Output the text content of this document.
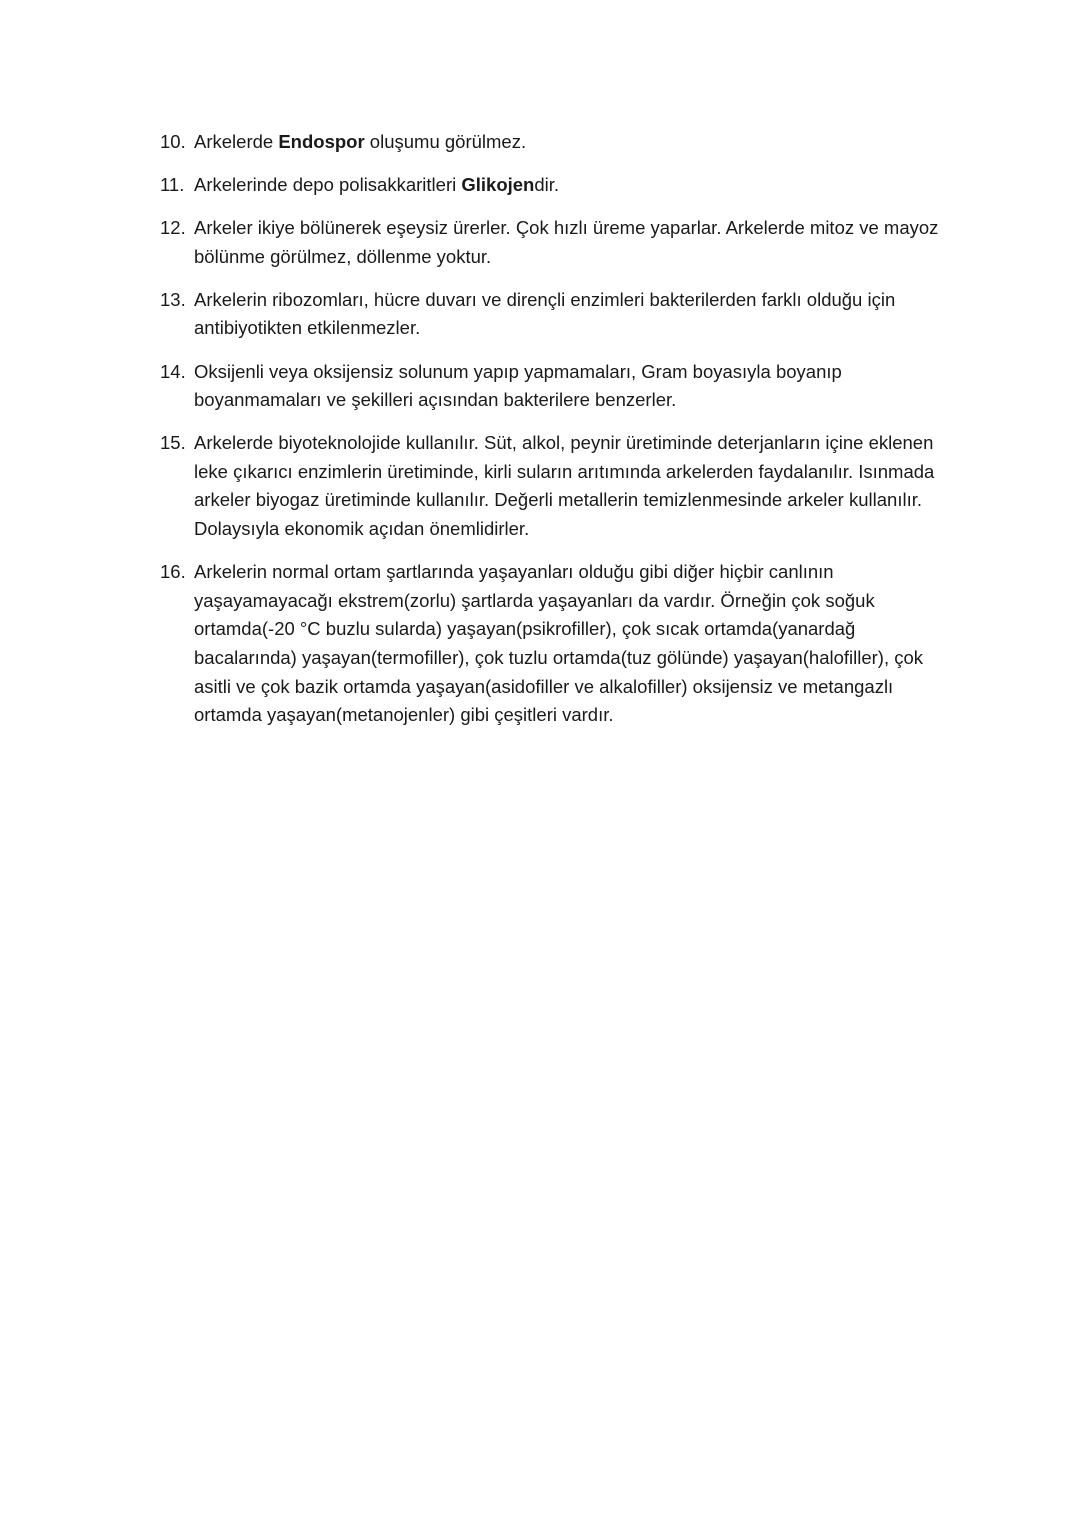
10. Arkelerde Endospor oluşumu görülmez.
11. Arkelerinde depo polisakkaritleri Glikojendir.
12. Arkeler ikiye bölünerek eşeysiz ürerler. Çok hızlı üreme yaparlar. Arkelerde mitoz ve mayoz bölünme görülmez, döllenme yoktur.
13. Arkelerin ribozomları, hücre duvarı ve dirençli enzimleri bakterilerden farklı olduğu için antibiyotikten etkilenmezler.
14. Oksijenli veya oksijensiz solunum yapıp yapmamaları, Gram boyasıyla boyanıp boyanmamaları ve şekilleri açısından bakterilere benzerler.
15. Arkelerde biyoteknolojide kullanılır. Süt, alkol, peynir üretiminde deterjanların içine eklenen leke çıkarıcı enzimlerin üretiminde, kirli suların arıtımında arkelerden faydalanılır. Isınmada arkeler biyogaz üretiminde kullanılır. Değerli metallerin temizlenmesinde arkeler kullanılır. Dolaysıyla ekonomik açıdan önemlidirler.
16. Arkelerin normal ortam şartlarında yaşayanları olduğu gibi diğer hiçbir canlının yaşayamayacağı ekstrem(zorlu) şartlarda yaşayanları da vardır. Örneğin çok soğuk ortamda(-20 °C buzlu sularda) yaşayan(psikrofiller), çok sıcak ortamda(yanardağ bacalarında) yaşayan(termofiller), çok tuzlu ortamda(tuz gölünde) yaşayan(halofiller), çok asitli ve çok bazik ortamda yaşayan(asidofiller ve alkalofiller) oksijensiz ve metangazlı ortamda yaşayan(metanojenler) gibi çeşitleri vardır.
